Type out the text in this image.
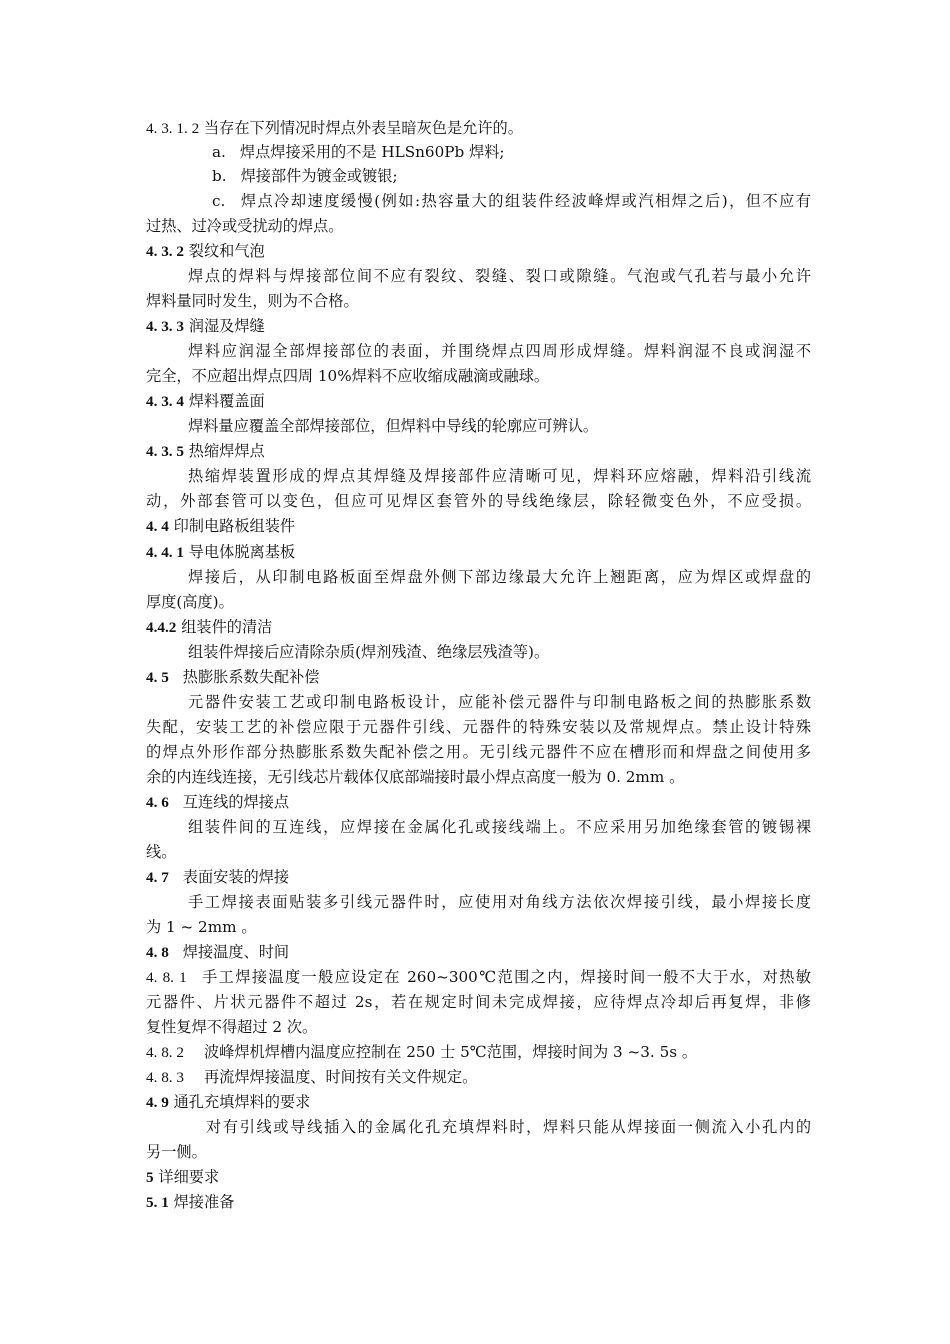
4. 3. 1. 2 当存在下列情况时焊点外表呈暗灰色是允许的。
a. 焊点焊接采用的不是 HLSn60Pb 焊料;
b. 焊接部件为镀金或镀银;
c. 焊点冷却速度缓慢(例如:热容量大的组装件经波峰焊或汽相焊之后)，但不应有
过热、过冷或受扰动的焊点。
4. 3. 2 裂纹和气泡
焊点的焊料与焊接部位间不应有裂纹、裂缝、裂口或隙缝。气泡或气孔若与最小允许
焊料量同时发生，则为不合格。
4. 3. 3 润湿及焊缝
焊料应润湿全部焊接部位的表面，并围绕焊点四周形成焊缝。焊料润湿不良或润湿不
完全，不应超出焊点四周 10%焊料不应收缩成融滴或融球。
4. 3. 4 焊料覆盖面
焊料量应覆盖全部焊接部位，但焊料中导线的轮廓应可辨认。
4. 3. 5 热缩焊焊点
热缩焊装置形成的焊点其焊缝及焊接部件应清晰可见，焊料环应熔融，焊料沿引线流
动，外部套管可以变色，但应可见焊区套管外的导线绝缘层，除轻微变色外，不应受损。
4. 4 印制电路板组装件
4. 4. 1 导电体脱离基板
焊接后，从印制电路板面至焊盘外侧下部边缘最大允许上翘距离，应为焊区或焊盘的
厚度(高度)。
4.4.2 组装件的清洁
组装件焊接后应清除杂质(焊剂残渣、绝缘层残渣等)。
4. 5 热膨胀系数失配补偿
元器件安装工艺或印制电路板设计，应能补偿元器件与印制电路板之间的热膨胀系数
失配，安装工艺的补偿应限于元器件引线、元器件的特殊安装以及常规焊点。禁止设计特殊
的焊点外形作部分热膨胀系数失配补偿之用。无引线元器件不应在槽形而和焊盘之间使用多
余的内连线连接，无引线芯片载体仅底部端接时最小焊点高度一般为 0. 2mm 。
4. 6 互连线的焊接点
组装件间的互连线，应焊接在金属化孔或接线端上。不应采用另加绝缘套管的镀锡裸
线。
4. 7 表面安装的焊接
手工焊接表面贴装多引线元器件时，应使用对角线方法依次焊接引线，最小焊接长度
为 1 ~ 2mm 。
4. 8 焊接温度、时间
4. 8. 1 手工焊接温度一般应设定在 260~300℃范围之内，焊接时间一般不大于水，对热敏
元器件、片状元器件不超过 2s，若在规定时间未完成焊接，应待焊点冷却后再复焊，非修
复性复焊不得超过 2 次。
4. 8. 2 波峰焊机焊槽内温度应控制在 250 士 5℃范围，焊接时间为 3 ~3. 5s 。
4. 8. 3 再流焊焊接温度、时间按有关文件规定。
4. 9 通孔充填焊料的要求
对有引线或导线插入的金属化孔充填焊料时，焊料只能从焊接面一侧流入小孔内的
另一侧。
5 详细要求
5. 1 焊接准备
